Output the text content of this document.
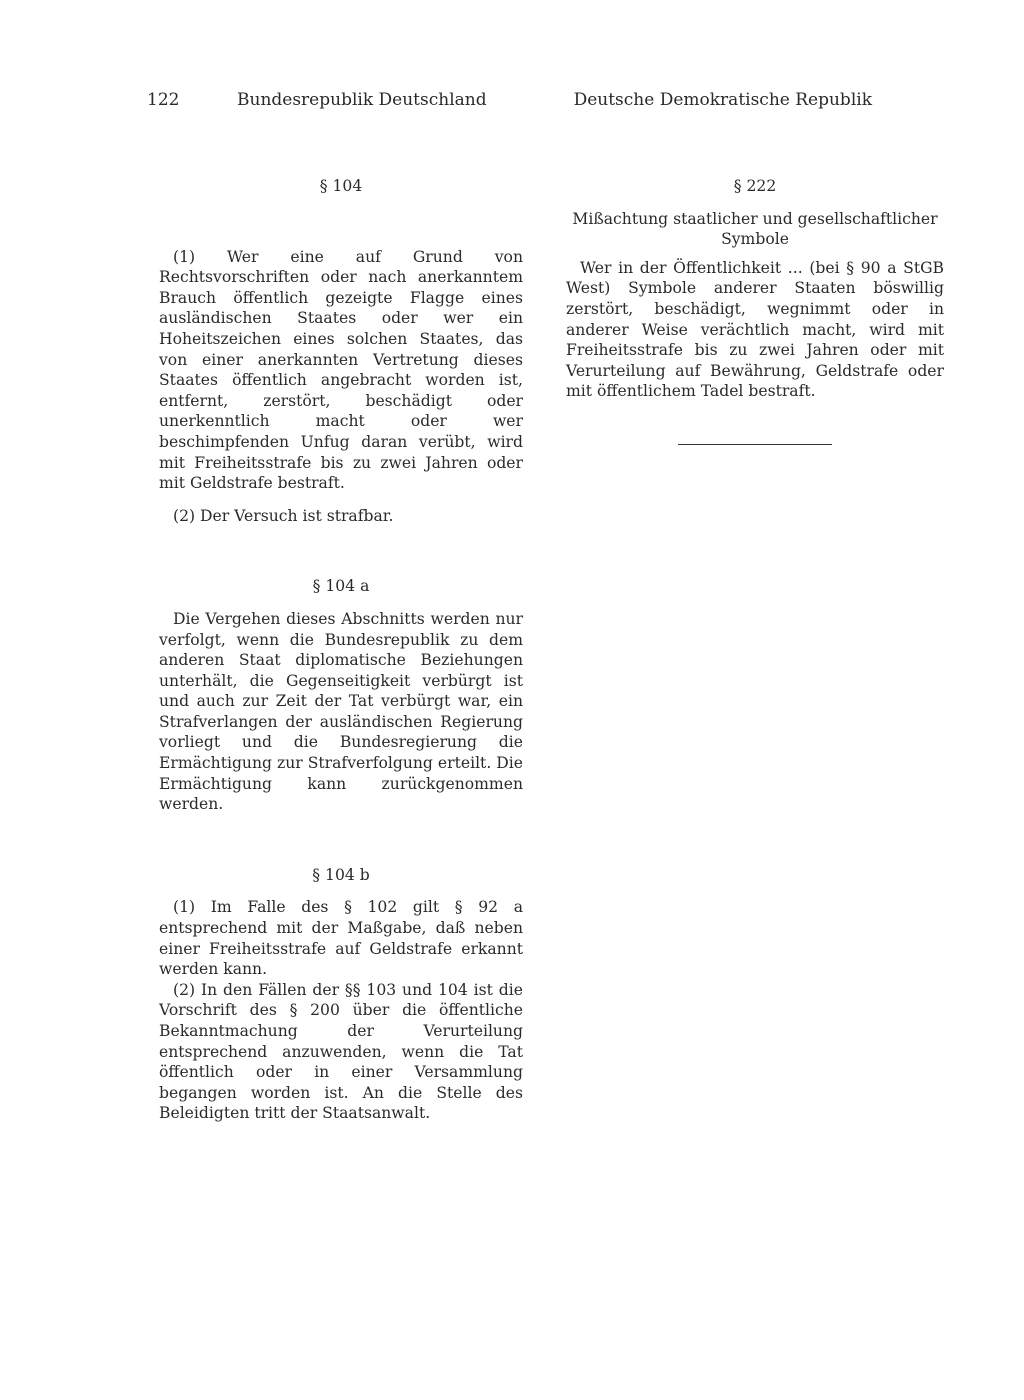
122	Bundesrepublik Deutschland	Deutsche Demokratische Republik
§ 104

(1) Wer eine auf Grund von Rechtsvorschriften oder nach anerkanntem Brauch öffentlich gezeigte Flagge eines ausländischen Staates oder wer ein Hoheitszeichen eines solchen Staates, das von einer anerkannten Vertretung dieses Staates öffentlich angebracht worden ist, entfernt, zerstört, beschädigt oder unerkenntlich macht oder wer beschimpfenden Unfug daran verübt, wird mit Freiheitsstrafe bis zu zwei Jahren oder mit Geldstrafe bestraft.

(2) Der Versuch ist strafbar.

§ 104 a

Die Vergehen dieses Abschnitts werden nur verfolgt, wenn die Bundesrepublik zu dem anderen Staat diplomatische Beziehungen unterhält, die Gegenseitigkeit verbürgt ist und auch zur Zeit der Tat verbürgt war, ein Strafverlangen der ausländischen Regierung vorliegt und die Bundesregierung die Ermächtigung zur Strafverfolgung erteilt. Die Ermächtigung kann zurückgenommen werden.

§ 104 b

(1) Im Falle des § 102 gilt § 92 a entsprechend mit der Maßgabe, daß neben einer Freiheitsstrafe auf Geldstrafe erkannt werden kann.

(2) In den Fällen der §§ 103 und 104 ist die Vorschrift des § 200 über die öffentliche Bekanntmachung der Verurteilung entsprechend anzuwenden, wenn die Tat öffentlich oder in einer Versammlung begangen worden ist. An die Stelle des Beleidigten tritt der Staatsanwalt.

§ 222
Mißachtung staatlicher und gesellschaftlicher Symbole

Wer in der Öffentlichkeit ... (bei § 90 a StGB West) Symbole anderer Staaten böswillig zerstört, beschädigt, wegnimmt oder in anderer Weise verächtlich macht, wird mit Freiheitsstrafe bis zu zwei Jahren oder mit Verurteilung auf Bewährung, Geldstrafe oder mit öffentlichem Tadel bestraft.
